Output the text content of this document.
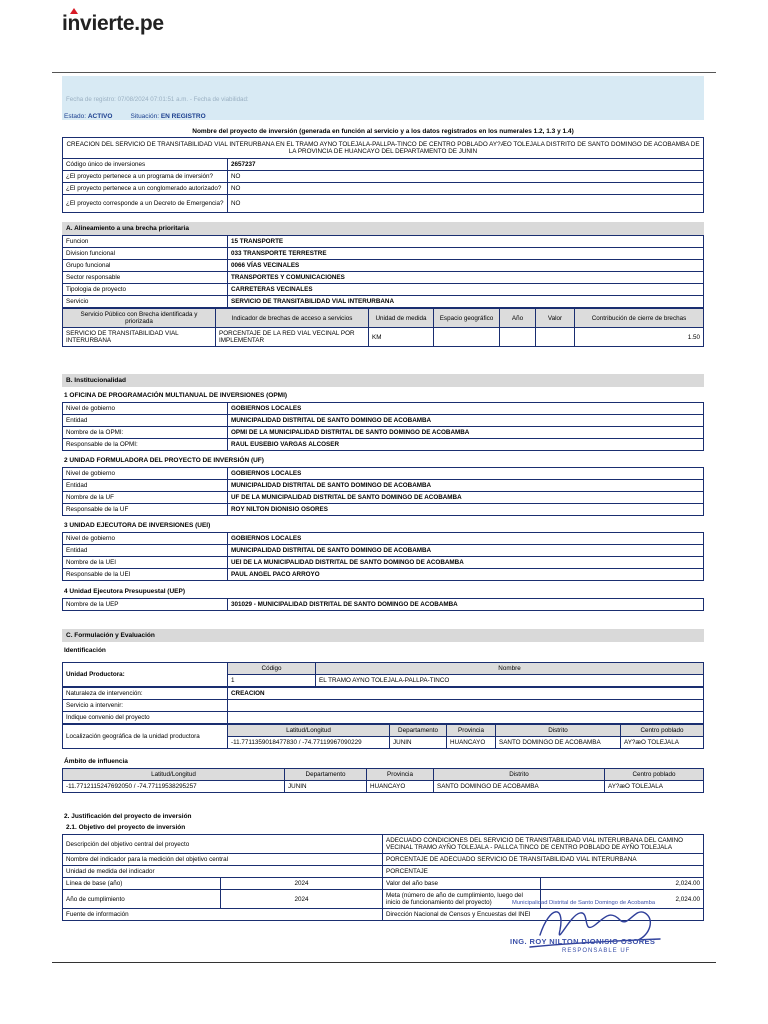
invierte.pe
Fecha de registro: 07/08/2024 07:01:51 a.m. - Fecha de viabilidad:
Estado: ACTIVO	Situación: EN REGISTRO
Nombre del proyecto de inversión (generada en función al servicio y a los datos registrados en los numerales 1.2, 1.3 y 1.4)
CREACION DEL SERVICIO DE TRANSITABILIDAD VIAL INTERURBANA EN EL TRAMO AYNO TOLEJALA-PALLPA-TINCO DE CENTRO POBLADO AY?ÆO TOLEJALA DISTRITO DE SANTO DOMINGO DE ACOBAMBA DE LA PROVINCIA DE HUANCAYO DEL DEPARTAMENTO DE JUNIN	
Código único de inversiones	2657237
¿El proyecto pertenece a un programa de inversión?	NO
¿El proyecto pertenece a un conglomerado autorizado?	NO
¿El proyecto corresponde a un Decreto de Emergencia?	NO
A. Alineamiento a una brecha prioritaria
Funcion	15 TRANSPORTE
Division funcional	033 TRANSPORTE TERRESTRE
Grupo funcional	0066 VÍAS VECINALES
Sector responsable	TRANSPORTES Y COMUNICACIONES
Tipologia de proyecto	CARRETERAS VECINALES
Servicio	SERVICIO DE TRANSITABILIDAD VIAL INTERURBANA
Servicio Público con Brecha identificada y priorizada	Indicador de brechas de acceso a servicios	Unidad de medida	Espacio geográfico	Año	Valor	Contribución de cierre de brechas
SERVICIO DE TRANSITABILIDAD VIAL INTERURBANA	PORCENTAJE DE LA RED VIAL VECINAL POR IMPLEMENTAR	KM				1.50
B. Institucionalidad
1 OFICINA DE PROGRAMACIÓN MULTIANUAL DE INVERSIONES (OPMI)
Nivel de gobierno	GOBIERNOS LOCALES
Entidad	MUNICIPALIDAD DISTRITAL DE SANTO DOMINGO DE ACOBAMBA
Nombre de la OPMI:	OPMI DE LA MUNICIPALIDAD DISTRITAL DE SANTO DOMINGO DE ACOBAMBA
Responsable de la OPMI:	RAUL EUSEBIO VARGAS ALCOSER
2 UNIDAD FORMULADORA DEL PROYECTO DE INVERSIÓN (UF)
Nivel de gobierno	GOBIERNOS LOCALES
Entidad	MUNICIPALIDAD DISTRITAL DE SANTO DOMINGO DE ACOBAMBA
Nombre de la UF	UF DE LA MUNICIPALIDAD DISTRITAL DE SANTO DOMINGO DE ACOBAMBA
Responsable de la UF	ROY NILTON DIONISIO OSORES
3 UNIDAD EJECUTORA DE INVERSIONES (UEI)
Nivel de gobierno	GOBIERNOS LOCALES
Entidad	MUNICIPALIDAD DISTRITAL DE SANTO DOMINGO DE ACOBAMBA
Nombre de la UEI	UEI DE LA MUNICIPALIDAD DISTRITAL DE SANTO DOMINGO DE ACOBAMBA
Responsable de la UEI	PAUL ANGEL PACO ARROYO
4 Unidad Ejecutora Presupuestal (UEP)
Nombre de la UEP	301029 - MUNICIPALIDAD DISTRITAL DE SANTO DOMINGO DE ACOBAMBA
C. Formulación y Evaluación
Identificación
Unidad Productora:	Código	Nombre
	1	EL TRAMO AYNO TOLEJALA-PALLPA-TINCO
Naturaleza de intervención:	CREACION
Servicio a intervenir:	
Indique convenio del proyecto	
Localización geográfica de la unidad productora	Latitud/Longitud	Departamento	Provincia	Distrito	Centro poblado
	-11.7711359018477830 / -74.77119967090229	JUNIN	HUANCAYO	SANTO DOMINGO DE ACOBAMBA	AY?æO TOLEJALA
Ámbito de influencia
Latitud/Longitud	Departamento	Provincia	Distrito	Centro poblado
-11.7712115247692050 / -74.77119538295257	JUNIN	HUANCAYO	SANTO DOMINGO DE ACOBAMBA	AY?æO TOLEJALA
2. Justificación del proyecto de inversión
2.1. Objetivo del proyecto de inversión
Descripción del objetivo central del proyecto		ADECUADO CONDICIONES DEL SERVICIO DE TRANSITABILIDAD VIAL INTERURBANA DEL CAMINO VECINAL TRAMO AYÑO TOLEJALA - PALLCA TINCO DE CENTRO POBLADO DE AYÑO TOLEJALA	
Nombre del indicador para la medición del objetivo central		PORCENTAJE DE ADECUADO SERVICIO DE TRANSITABILIDAD VIAL INTERURBANA	
Unidad de medida del indicador		PORCENTAJE	
Línea de base (año)	2024	Valor del año base	2,024.00
Año de cumplimiento	2024	Meta (número de año de cumplimiento, luego del inicio de funcionamiento del proyecto)	2,024.00
Fuente de información		Dirección Nacional de Censos y Encuestas del INEI	
Municipalidad Distrital de Santo Domingo de Acobamba
ING. ROY NILTON DIONISIO OSORES
RESPONSABLE UF
